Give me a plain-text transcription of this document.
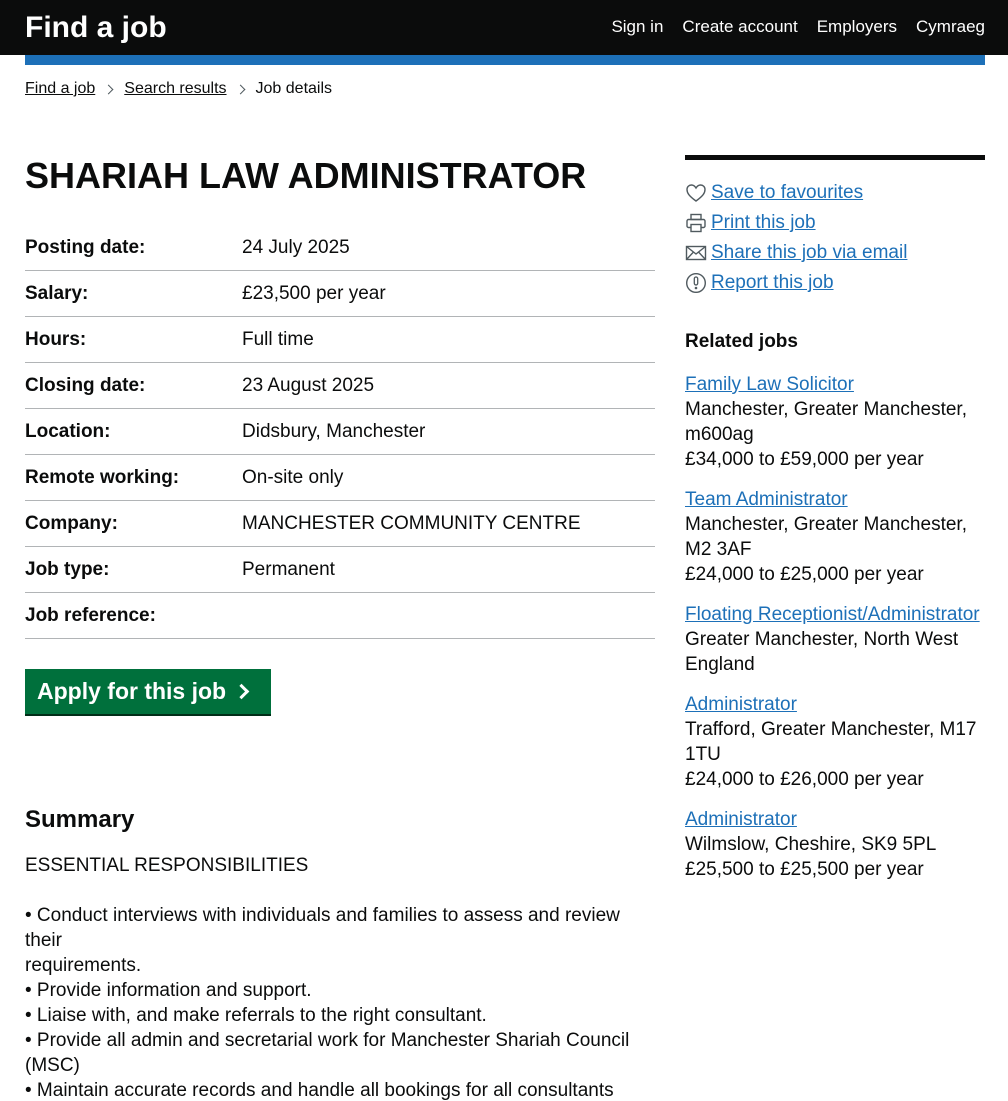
Find a job	Sign in Create account Employers Cymraeg
Find a job Search results Job details
SHARIAH LAW ADMINISTRATOR
Posting date:	24 July 2025
Salary:	£23,500 per year
Hours:	Full time
Closing date:	23 August 2025
Location:	Didsbury, Manchester
Remote working:	On-site only
Company:	MANCHESTER COMMUNITY CENTRE
Job type:	Permanent
Job reference:
Apply for this job
Summary

ESSENTIAL RESPONSIBILITIES

• Conduct interviews with individuals and families to assess and review their
requirements.
• Provide information and support.
• Liaise with, and make referrals to the right consultant.
• Provide all admin and secretarial work for Manchester Shariah Council (MSC)
• Maintain accurate records and handle all bookings for all consultants

Save to favourites
Print this job
Share this job via email
Report this job
Related jobs
Family Law Solicitor
Manchester, Greater Manchester, m600ag
£34,000 to £59,000 per year
Team Administrator
Manchester, Greater Manchester, M2 3AF
£24,000 to £25,000 per year
Floating Receptionist/Administrator
Greater Manchester, North West England
Administrator
Trafford, Greater Manchester, M17 1TU
£24,000 to £26,000 per year
Administrator
Wilmslow, Cheshire, SK9 5PL
£25,500 to £25,500 per year
